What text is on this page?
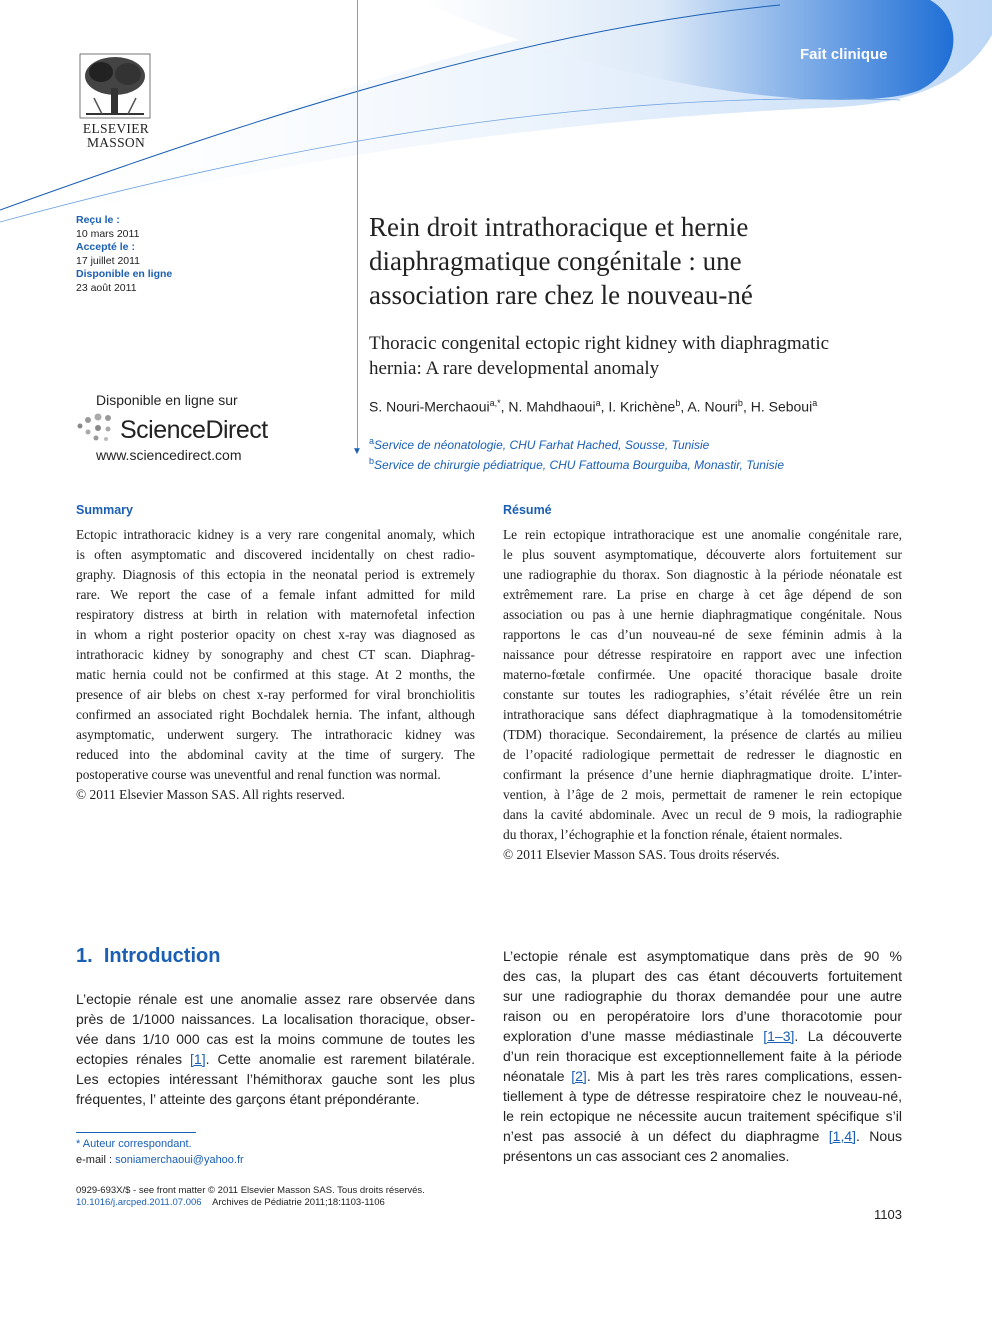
Fait clinique
ELSEVIER
MASSON
▼
Reçu le :
10 mars 2011
Accepté le :
17 juillet 2011
Disponible en ligne
23 août 2011
Disponible en ligne sur
ScienceDirect
www.sciencedirect.com
Rein droit intrathoracique et hernie
diaphragmatique congénitale : une
association rare chez le nouveau-né
Thoracic congenital ectopic right kidney with diaphragmatic
hernia: A rare developmental anomaly
S. Nouri-Merchaoui$^{a,*}$, N. Mahdhaoui$^a$, I. Krichène$^b$, A. Nouri$^b$, H. Seboui$^a$
$^a$Service de néonatologie, CHU Farhat Hached, Sousse, Tunisie
$^b$Service de chirurgie pédiatrique, CHU Fattouma Bourguiba, Monastir, Tunisie
Summary
Ectopic intrathoracic kidney is a very rare congenital anomaly, which
is often asymptomatic and discovered incidentally on chest radio-
graphy. Diagnosis of this ectopia in the neonatal period is extremely
rare. We report the case of a female infant admitted for mild
respiratory distress at birth in relation with maternofetal infection
in whom a right posterior opacity on chest x-ray was diagnosed as
intrathoracic kidney by sonography and chest CT scan. Diaphrag-
matic hernia could not be confirmed at this stage. At 2 months, the
presence of air blebs on chest x-ray performed for viral bronchiolitis
confirmed an associated right Bochdalek hernia. The infant, although
asymptomatic, underwent surgery. The intrathoracic kidney was
reduced into the abdominal cavity at the time of surgery. The
postoperative course was uneventful and renal function was normal.
© 2011 Elsevier Masson SAS. All rights reserved.
Résumé
Le rein ectopique intrathoracique est une anomalie congénitale rare,
le plus souvent asymptomatique, découverte alors fortuitement sur
une radiographie du thorax. Son diagnostic à la période néonatale est
extrêmement rare. La prise en charge à cet âge dépend de son
association ou pas à une hernie diaphragmatique congénitale. Nous
rapportons le cas d’un nouveau-né de sexe féminin admis à la
naissance pour détresse respiratoire en rapport avec une infection
materno-fœtale confirmée. Une opacité thoracique basale droite
constante sur toutes les radiographies, s’était révélée être un rein
intrathoracique sans défect diaphragmatique à la tomodensitométrie
(TDM) thoracique. Secondairement, la présence de clartés au milieu
de l’opacité radiologique permettait de redresser le diagnostic en
confirmant la présence d’une hernie diaphragmatique droite. L’inter-
vention, à l’âge de 2 mois, permettait de ramener le rein ectopique
dans la cavité abdominale. Avec un recul de 9 mois, la radiographie
du thorax, l’échographie et la fonction rénale, étaient normales.
© 2011 Elsevier Masson SAS. Tous droits réservés.
1. Introduction
L’ectopie rénale est une anomalie assez rare observée dans
près de 1/1000 naissances. La localisation thoracique, obser-
vée dans 1/10 000 cas est la moins commune de toutes les
ectopies rénales [1]. Cette anomalie est rarement bilatérale.
Les ectopies intéressant l’hémithorax gauche sont les plus
fréquentes, l’ atteinte des garçons étant prépondérante.
L’ectopie rénale est asymptomatique dans près de 90 %
des cas, la plupart des cas étant découverts fortuitement
sur une radiographie du thorax demandée pour une autre
raison ou en peropératoire lors d’une thoracotomie pour
exploration d’une masse médiastinale [1–3]. La découverte
d’un rein thoracique est exceptionnellement faite à la période
néonatale [2]. Mis à part les très rares complications, essen-
tiellement à type de détresse respiratoire chez le nouveau-né,
le rein ectopique ne nécessite aucun traitement spécifique s’il
n’est pas associé à un défect du diaphragme [1,4]. Nous
présentons un cas associant ces 2 anomalies.
* Auteur correspondant.
e-mail : soniamerchaoui@yahoo.fr
0929-693X/$ - see front matter © 2011 Elsevier Masson SAS. Tous droits réservés.
10.1016/j.arcped.2011.07.006 Archives de Pédiatrie 2011;18:1103-1106
1103
